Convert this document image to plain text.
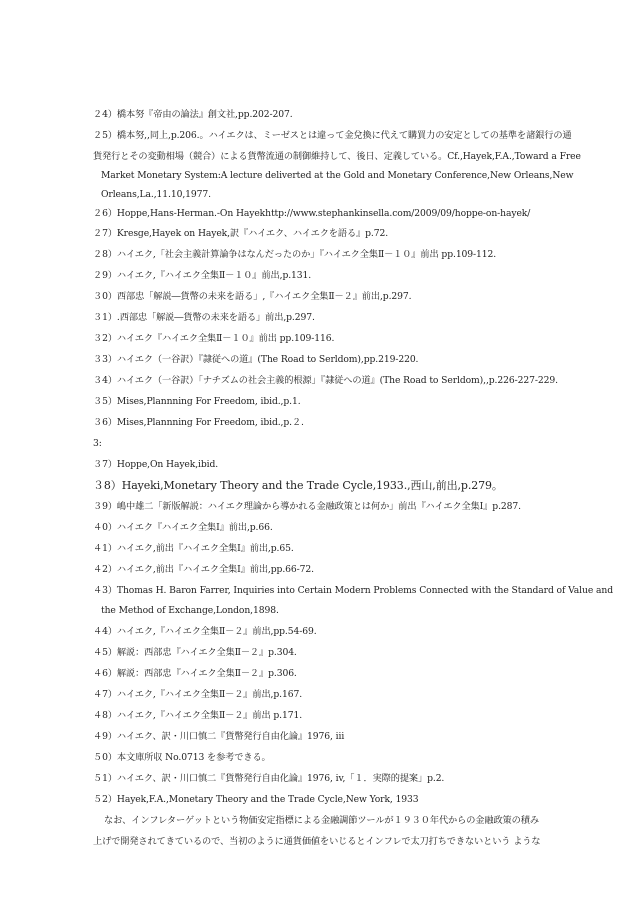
２4）橋本努『帝由の論法』創文社,pp.202-207.
２5）橋本努,,同上,p.206.。ハイエクは、ミーゼスとは違って金兌換に代えて購買力の安定としての基準を諸銀行の通
貨発行とその変動相場（競合）による貨幣流通の制御維持して、後日、定義している。Cf.,Hayek,F.A.,Toward a Free
Market Monetary System:A lecture deliverted at the Gold and Monetary Conference,New Orleans,New
Orleans,La.,11.10,1977.
２6）Hoppe,Hans-Herman.-On Hayekhttp://www.stephankinsella.com/2009/09/hoppe-on-hayek/
２7）Kresge,Hayek on Hayek,訳『ハイエク、ハイエクを語る』p.72.
２8）ハイエク,「社会主義計算論争はなんだったのか」『ハイエク全集Ⅱ－１０』前出 pp.109-112.
２9）ハイエク,『ハイエク全集Ⅱ－１０』前出,p.131.
３0）西部忠「解説―貨幣の未来を語る」,『ハイエク全集Ⅱ－２』前出,p.297.
３1）.西部忠「解説―貨幣の未来を語る」前出,p.297.
３2）ハイエク『ハイエク全集Ⅱ－１０』前出 pp.109-116.
３3）ハイエク（一谷訳）『隷従への道』(The Road to Serldom),pp.219-220.
３4）ハイエク（一谷訳）「ナチズムの社会主義的根源」『隷従への道』(The Road to Serldom),,p.226-227-229.
３5）Mises,Plannning For Freedom, ibid.,p.1.
３6）Mises,Plannning For Freedom, ibid.,p.２.
3:
３7）Hoppe,On Hayek,ibid.
３8）Hayeki,Monetary Theory and the Trade Cycle,1933.,西山,前出,p.279。
３9）嶋中雄二「新版解説：ハイエク理論から導かれる金融政策とは何か」前出『ハイエク全集Ⅰ』p.287.
４0）ハイエク『ハイエク全集Ⅰ』前出,p.66.
４1）ハイエク,前出『ハイエク全集Ⅰ』前出,p.65.
４2）ハイエク,前出『ハイエク全集Ⅰ』前出,pp.66-72.
４3）Thomas H. Baron Farrer, Inquiries into Certain Modern Problems Connected with the Standard of Value and
the Method of Exchange,London,1898.
４4）ハイエク,『ハイエク全集Ⅱ－２』前出,pp.54-69.
４5）解説：西部忠『ハイエク全集Ⅱ－２』p.304.
４6）解説：西部忠『ハイエク全集Ⅱ－２』p.306.
４7）ハイエク,『ハイエク全集Ⅱ－２』前出,p.167.
４8）ハイエク,『ハイエク全集Ⅱ－２』前出 p.171.
４9）ハイエク、訳・川口慎二『貨幣発行自由化論』1976, iii
５0）本文庫所収 No.0713 を参考できる。
５1）ハイエク、訳・川口慎二『貨幣発行自由化論』1976, iv,「１．実際的提案」p.2.
５2）Hayek,F.A.,Monetary Theory and the Trade Cycle,New York, 1933
なお、インフレターゲットという物価安定指標による金融調節ツールが１９３０年代からの金融政策の積み
上げで開発されてきているので、当初のように通貨価値をいじるとインフレで太刀打ちできないという ような
